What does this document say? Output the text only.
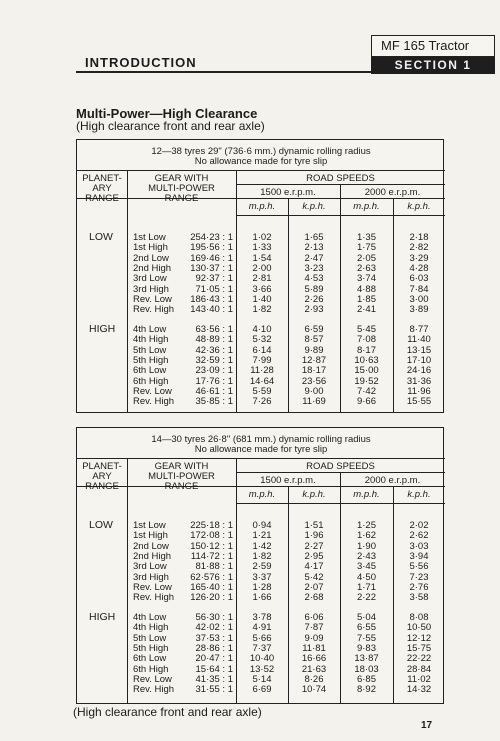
MF 165 Tractor
SECTION 1
INTRODUCTION
Multi-Power—High Clearance
(High clearance front and rear axle)
12—38 tyres 29" (736·6 mm.) dynamic rolling radius
No allowance made for tyre slip
PLANET-
ARY
RANGE
GEAR WITH
MULTI-POWER
RANGE
ROAD SPEEDS
1500 e.r.p.m.	2000 e.r.p.m.
m.p.h.	k.p.h.	m.p.h.	k.p.h.
LOW 1st Low	254·23 : 1	1·02	1·65	1·35	2·18
1st High	195·56 : 1	1·33	2·13	1·75	2·82
2nd Low	169·46 : 1	1·54	2·47	2·05	3·29
2nd High	130·37 : 1	2·00	3·23	2·63	4·28
3rd Low	92·37 : 1	2·81	4·53	3·74	6·03
3rd High	71·05 : 1	3·66	5·89	4·88	7·84
Rev. Low	186·43 : 1	1·40	2·26	1·85	3·00
Rev. High	143·40 : 1	1·82	2·93	2·41	3·89
HIGH 4th Low	63·56 : 1	4·10	6·59	5·45	8·77
4th High	48·89 : 1	5·32	8·57	7·08	11·40
5th Low	42·36 : 1	6·14	9·89	8·17	13·15
5th High	32·59 : 1	7·99	12·87	10·63	17·10
6th Low	23·09 : 1	11·28	18·17	15·00	24·16
6th High	17·76 : 1	14·64	23·56	19·52	31·36
Rev. Low	46·61 : 1	5·59	9·00	7·42	11·96
Rev. High	35·85 : 1	7·26	11·69	9·66	15·55
14—30 tyres 26·8" (681 mm.) dynamic rolling radius
No allowance made for tyre slip
PLANET-
ARY
RANGE
GEAR WITH
MULTI-POWER
RANGE
ROAD SPEEDS
1500 e.r.p.m.	2000 e.r.p.m.
m.p.h.	k.p.h.	m.p.h.	k.p.h.
LOW 1st Low	225·18 : 1	0·94	1·51	1·25	2·02
1st High	172·08 : 1	1·21	1·96	1·62	2·62
2nd Low	150·12 : 1	1·42	2·27	1·90	3·03
2nd High	114·72 : 1	1·82	2·95	2·43	3·94
3rd Low	81·88 : 1	2·59	4·17	3·45	5·56
3rd High	62·576 : 1	3·37	5·42	4·50	7·23
Rev. Low	165·40 : 1	1·28	2·07	1·71	2·76
Rev. High	126·20 : 1	1·66	2·68	2·22	3·58
HIGH 4th Low	56·30 : 1	3·78	6·06	5·04	8·08
4th High	42·02 : 1	4·91	7·87	6·55	10·50
5th Low	37·53 : 1	5·66	9·09	7·55	12·12
5th High	28·86 : 1	7·37	11·81	9·83	15·75
6th Low	20·47 : 1	10·40	16·66	13·87	22·22
6th High	15·64 : 1	13·52	21·63	18·03	28·84
Rev. Low	41·35 : 1	5·14	8·26	6·85	11·02
Rev. High	31·55 : 1	6·69	10·74	8·92	14·32
(High clearance front and rear axle)
17
